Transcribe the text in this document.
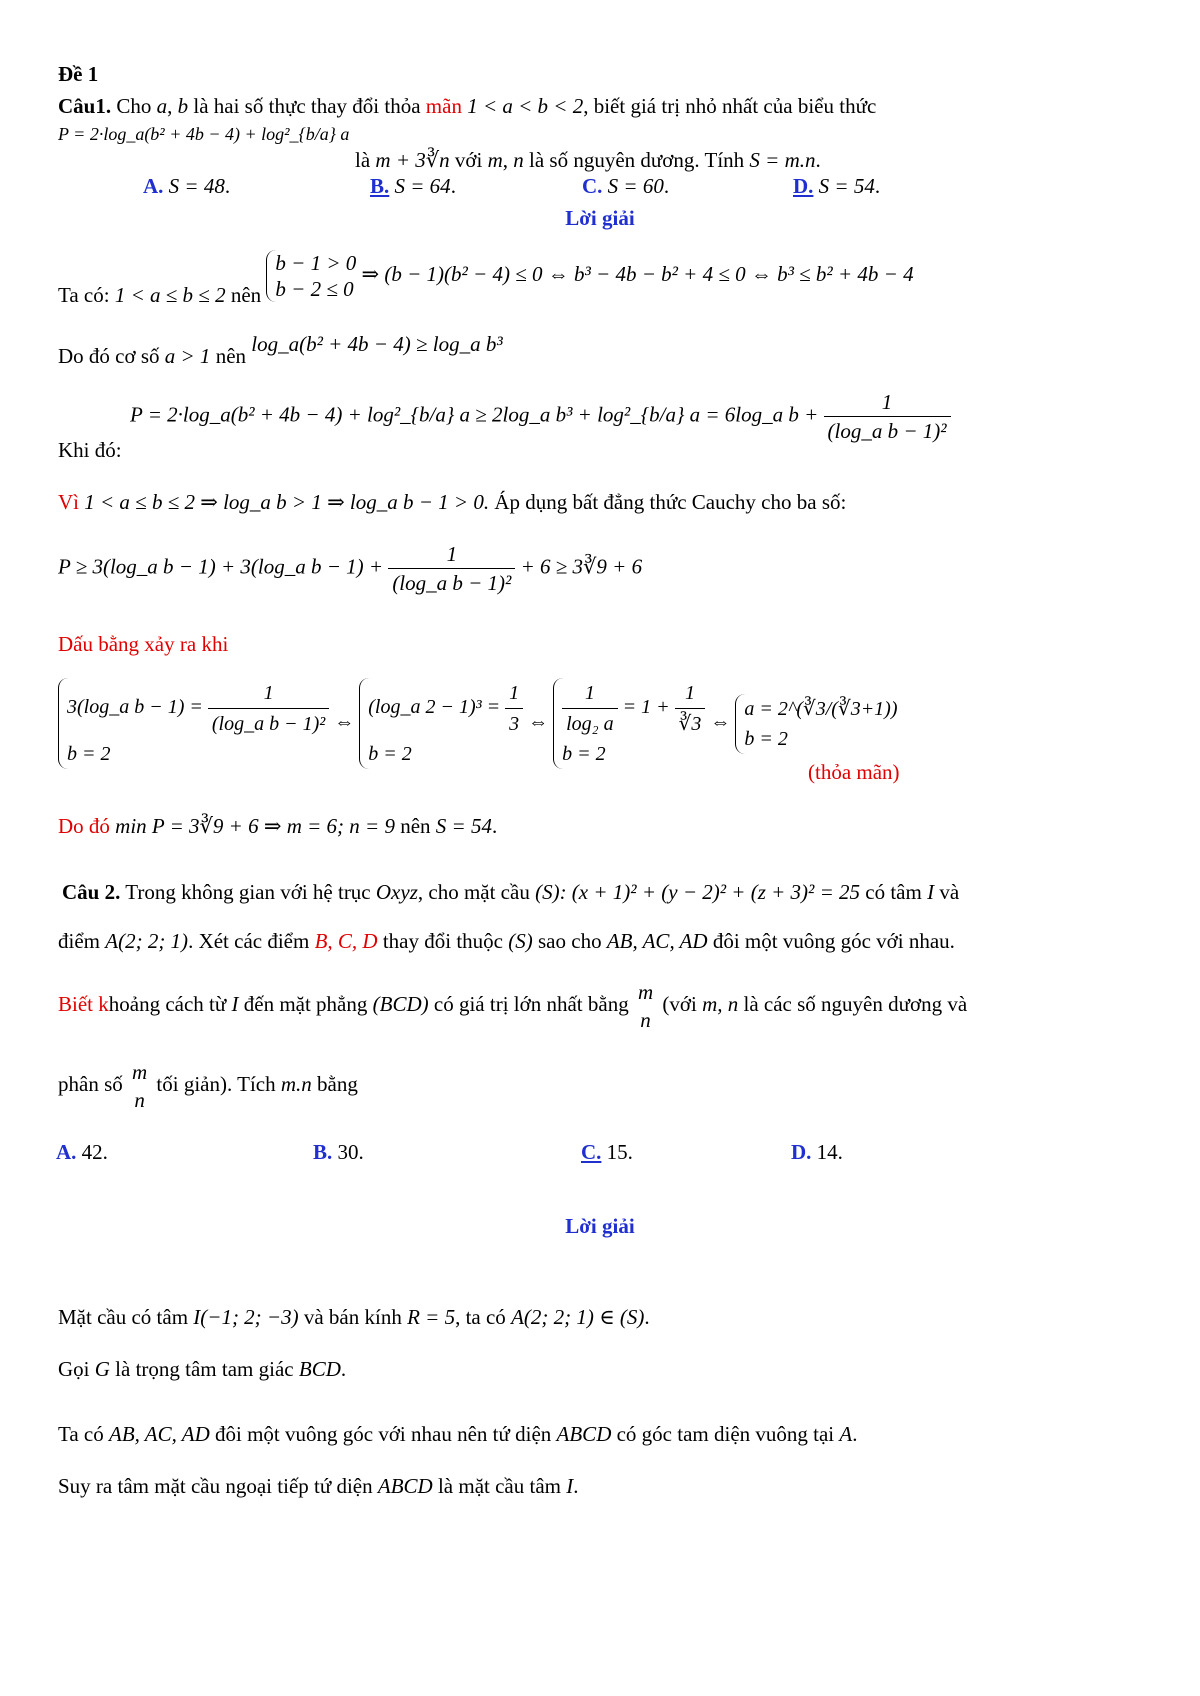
Đề 1
Câu1. Cho a, b là hai số thực thay đổi thỏa mãn 1 < a < b < 2, biết giá trị nhỏ nhất của biểu thức
P = 2·log_a(b² + 4b − 4) + log²_{b/a} a
là m + 3∛n với m, n là số nguyên dương. Tính S = m.n.
A. S = 48.	B. S = 64.	C. S = 60.	D. S = 54.
Lời giải
Ta có: 1 < a ≤ b ≤ 2 nên
b − 1 > 0
b − 2 ≤ 0
⇒ (b − 1)(b² − 4) ≤ 0 ⇔ b³ − 4b − b² + 4 ≤ 0 ⇔ b³ ≤ b² + 4b − 4
Do đó cơ số a > 1 nên log_a(b² + 4b − 4) ≥ log_a b³
P = 2·log_a(b² + 4b − 4) + log²_{b/a} a ≥ 2log_a b³ + log²_{b/a} a = 6log_a $b + \frac{1}{\text{(log\_a b − 1)²}}$
Khi đó:
Vì 1 < a ≤ b ≤ 2 ⇒ log_a b > 1 ⇒ log_a b − 1 > 0. Áp dụng bất đẳng thức Cauchy cho ba số:
P ≥ 3(log_a b − 1) + 3(log_a $b - 1) + \frac{1}{\text{(log\_a b − 1)²}} + 6$ ≥ 3∛9 + 6
Dấu bằng xảy ra khi
3(log_a $b - 1) = \frac{1}{\text{(log\_a b − 1)²}}$
b = 2
⇔
(log_a $2 - 1)^3 = \frac{1}{3}$
b = 2
⇔ $\frac{1}{\text{log₂ a}} = 1 + \frac{1}{∛3}$
b = 2
⇔
a = 2^(∛3/(∛3+1))
b = 2
(thỏa mãn)
Do đó min P = 3∛9 + 6 ⇒ m = 6; n = 9 nên S = 54.
Câu 2. Trong không gian với hệ trục Oxyz, cho mặt cầu (S): (x + 1)² + (y − 2)² + (z + 3)² = 25 có tâm I và
điểm A(2; 2; 1). Xét các điểm B, C, D thay đổi thuộc (S) sao cho AB, AC, AD đôi một vuông góc với nhau.
Biết khoảng cách từ I đến mặt phẳng (BCD) có giá trị lớn nhất bằng m
n
(với m, n là các số nguyên dương và
phân số m
n
tối giản). Tích m.n bằng
A. 42.	B. 30.	C. 15.	D. 14.
Lời giải
Mặt cầu có tâm I(−1; 2; −3) và bán kính R = 5, ta có A(2; 2; 1) ∈ (S).
Gọi G là trọng tâm tam giác BCD.
Ta có AB, AC, AD đôi một vuông góc với nhau nên tứ diện ABCD có góc tam diện vuông tại A.
Suy ra tâm mặt cầu ngoại tiếp tứ diện ABCD là mặt cầu tâm I.
